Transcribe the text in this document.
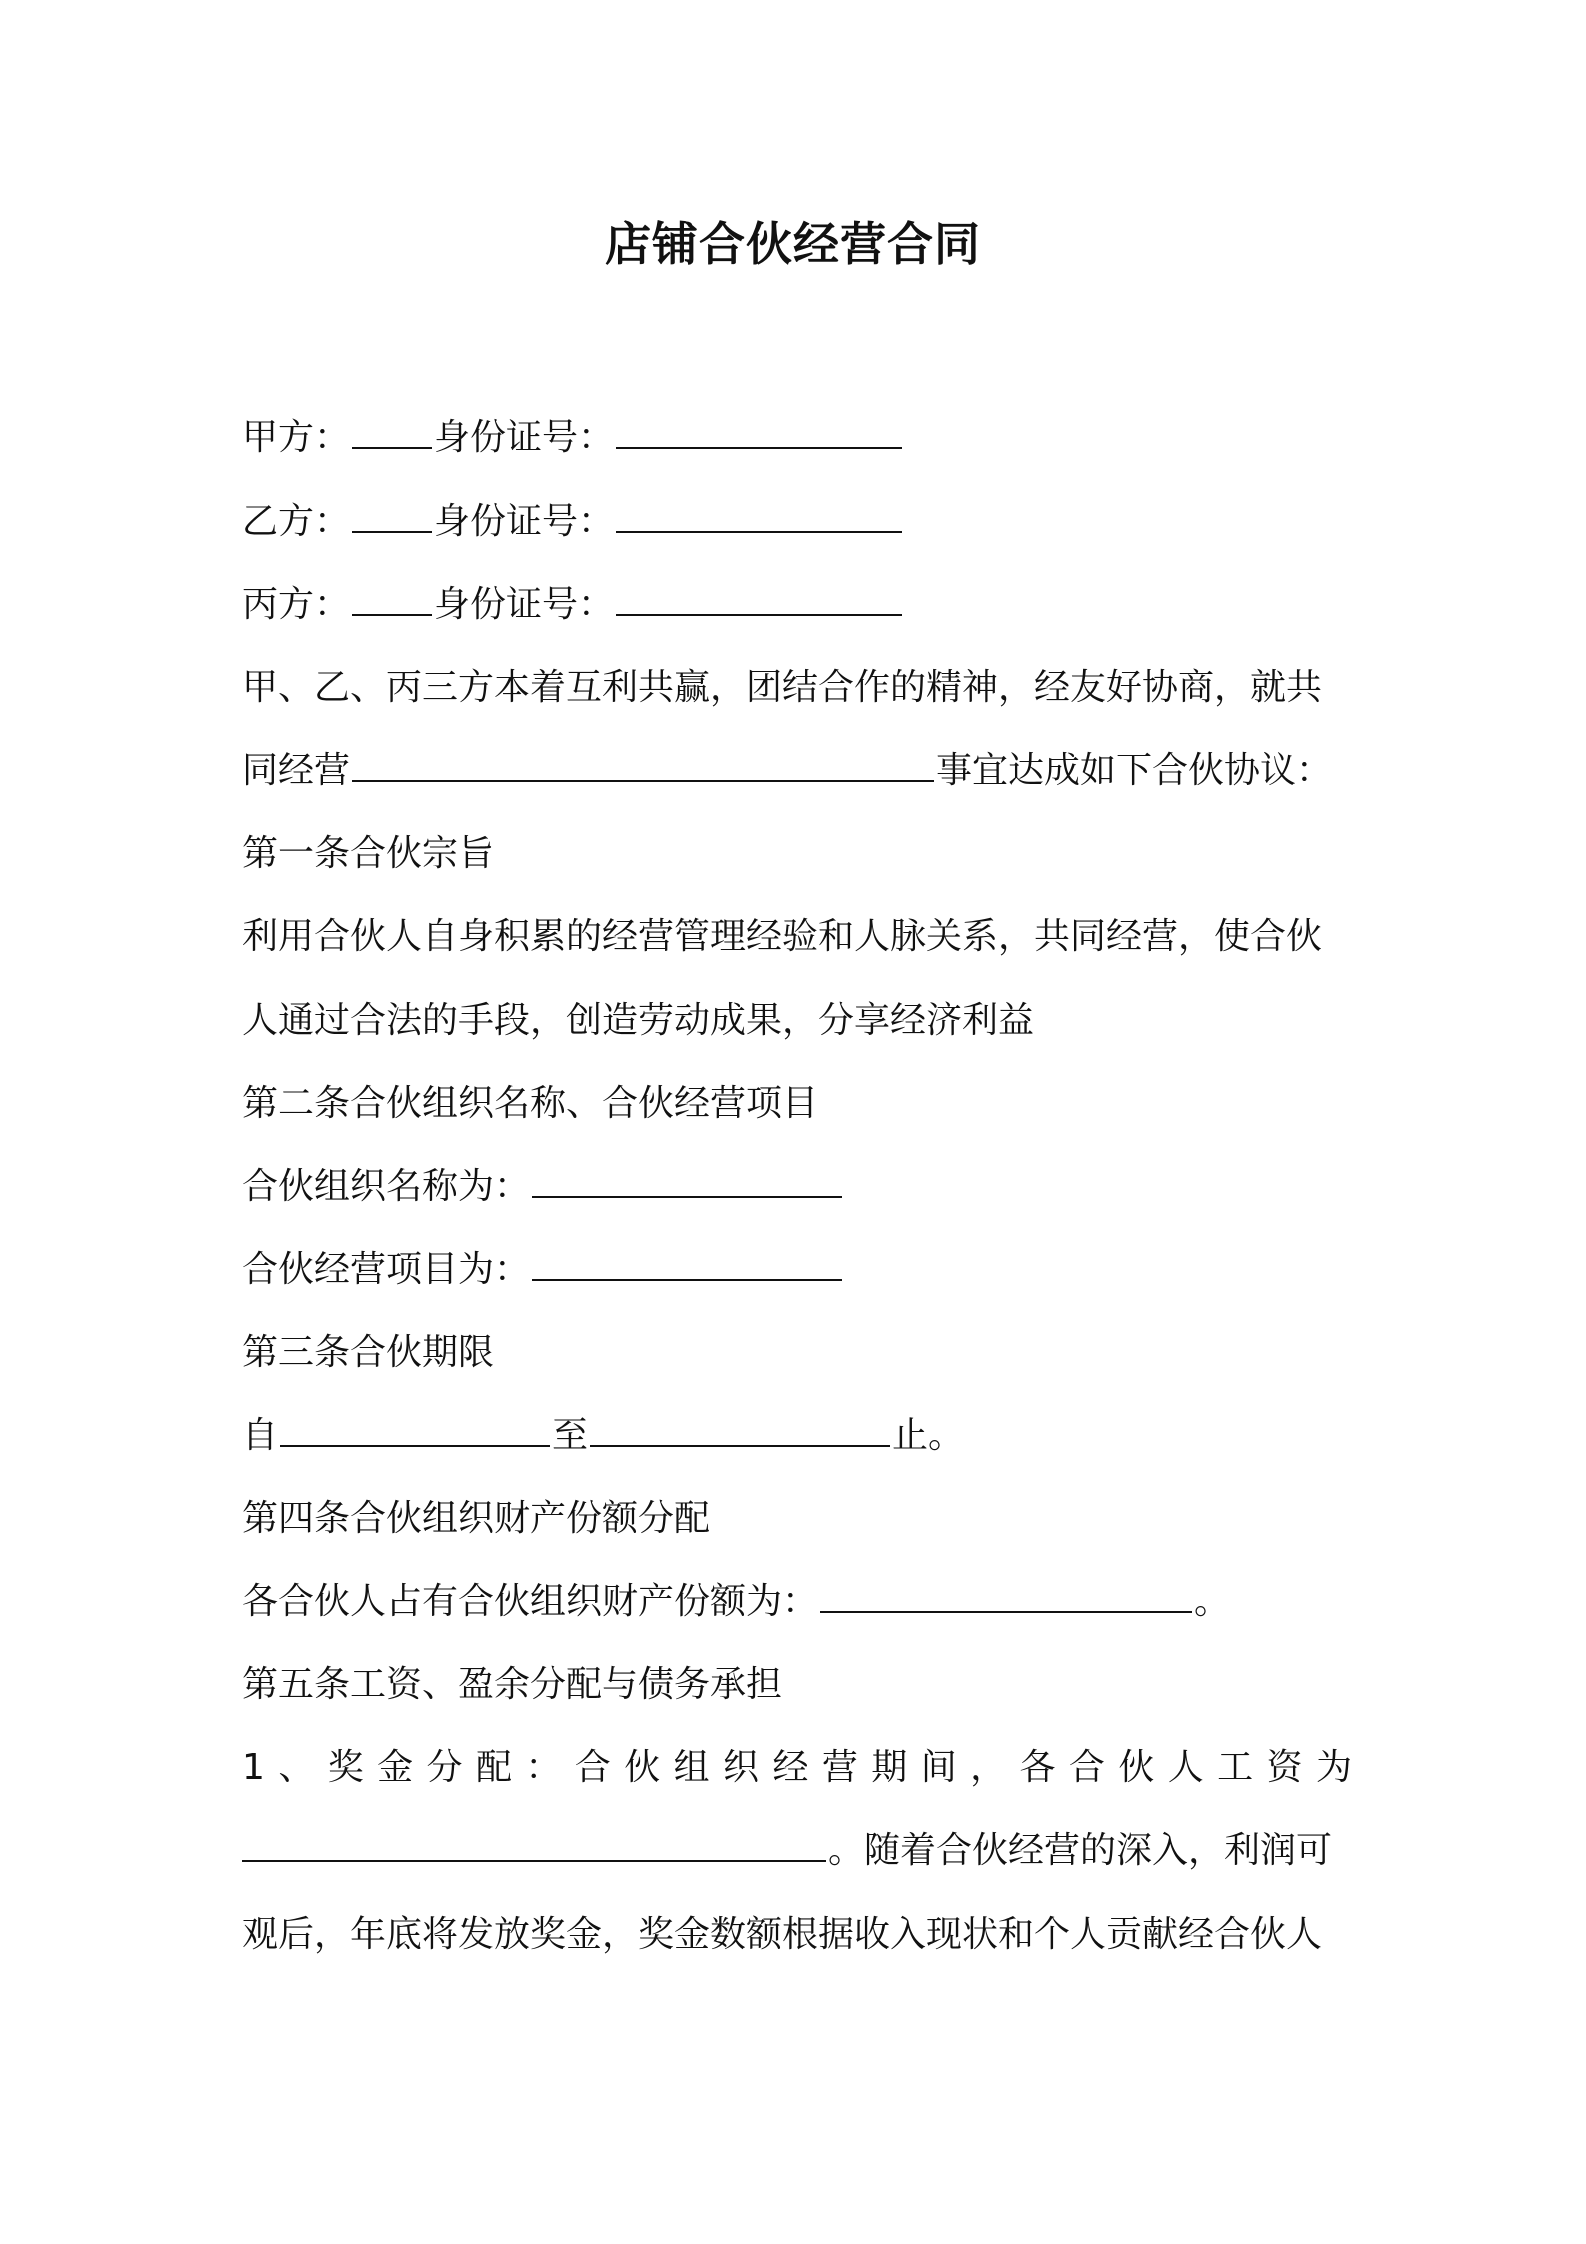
店铺合伙经营合同
甲方： 身份证号：
乙方： 身份证号：
丙方： 身份证号：
甲、乙、丙三方本着互利共赢，团结合作的精神，经友好协商，就共
同经营	事宜达成如下合伙协议：
第一条合伙宗旨
利用合伙人自身积累的经营管理经验和人脉关系，共同经营，使合伙
人通过合法的手段，创造劳动成果，分享经济利益
第二条合伙组织名称、合伙经营项目
合伙组织名称为：
合伙经营项目为：
第三条合伙期限
自	至	止。
第四条合伙组织财产份额分配
各合伙人占有合伙组织财产份额为：	。
第五条工资、盈余分配与债务承担
1、奖金分配：合伙组织经营期间，各合伙人工资为
。随着合伙经营的深入，利润可
观后，年底将发放奖金，奖金数额根据收入现状和个人贡献经合伙人
